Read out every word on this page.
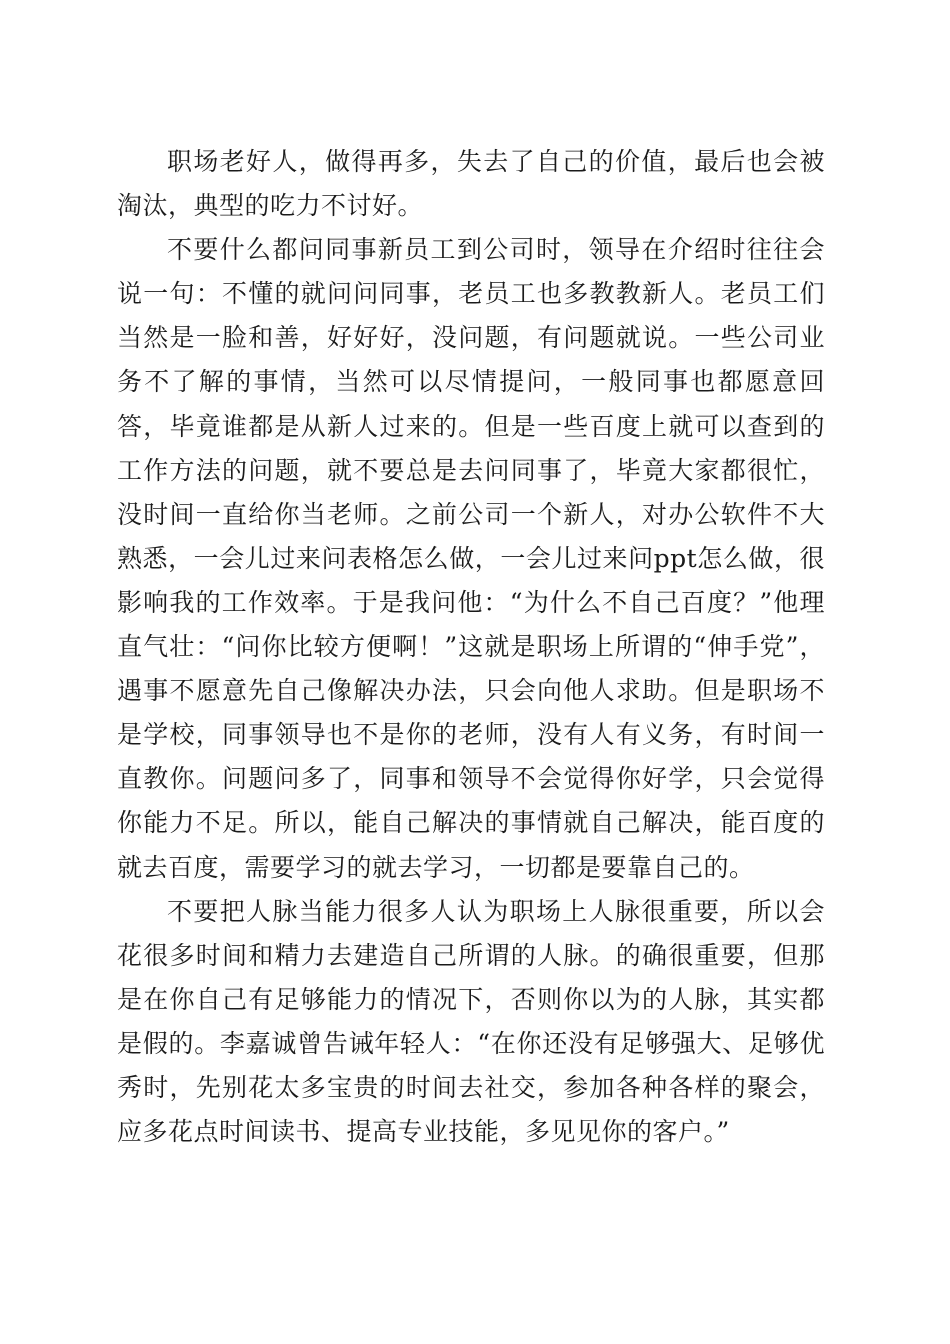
职场老好人，做得再多，失去了自己的价值，最后也会被淘汰，典型的吃力不讨好。

不要什么都问同事新员工到公司时，领导在介绍时往往会说一句：不懂的就问问同事，老员工也多教教新人。老员工们当然是一脸和善，好好好，没问题，有问题就说。一些公司业务不了解的事情，当然可以尽情提问，一般同事也都愿意回答，毕竟谁都是从新人过来的。但是一些百度上就可以查到的工作方法的问题，就不要总是去问同事了，毕竟大家都很忙，没时间一直给你当老师。之前公司一个新人，对办公软件不大熟悉，一会儿过来问表格怎么做，一会儿过来问ppt怎么做，很影响我的工作效率。于是我问他：“为什么不自己百度？”他理直气壮：“问你比较方便啊！”这就是职场上所谓的“伸手党”，遇事不愿意先自己像解决办法，只会向他人求助。但是职场不是学校，同事领导也不是你的老师，没有人有义务，有时间一直教你。问题问多了，同事和领导不会觉得你好学，只会觉得你能力不足。所以，能自己解决的事情就自己解决，能百度的就去百度，需要学习的就去学习，一切都是要靠自己的。

不要把人脉当能力很多人认为职场上人脉很重要，所以会花很多时间和精力去建造自己所谓的人脉。的确很重要，但那是在你自己有足够能力的情况下，否则你以为的人脉，其实都是假的。李嘉诚曾告诫年轻人：“在你还没有足够强大、足够优秀时，先别花太多宝贵的时间去社交，参加各种各样的聚会，应多花点时间读书、提高专业技能，多见见你的客户。”
